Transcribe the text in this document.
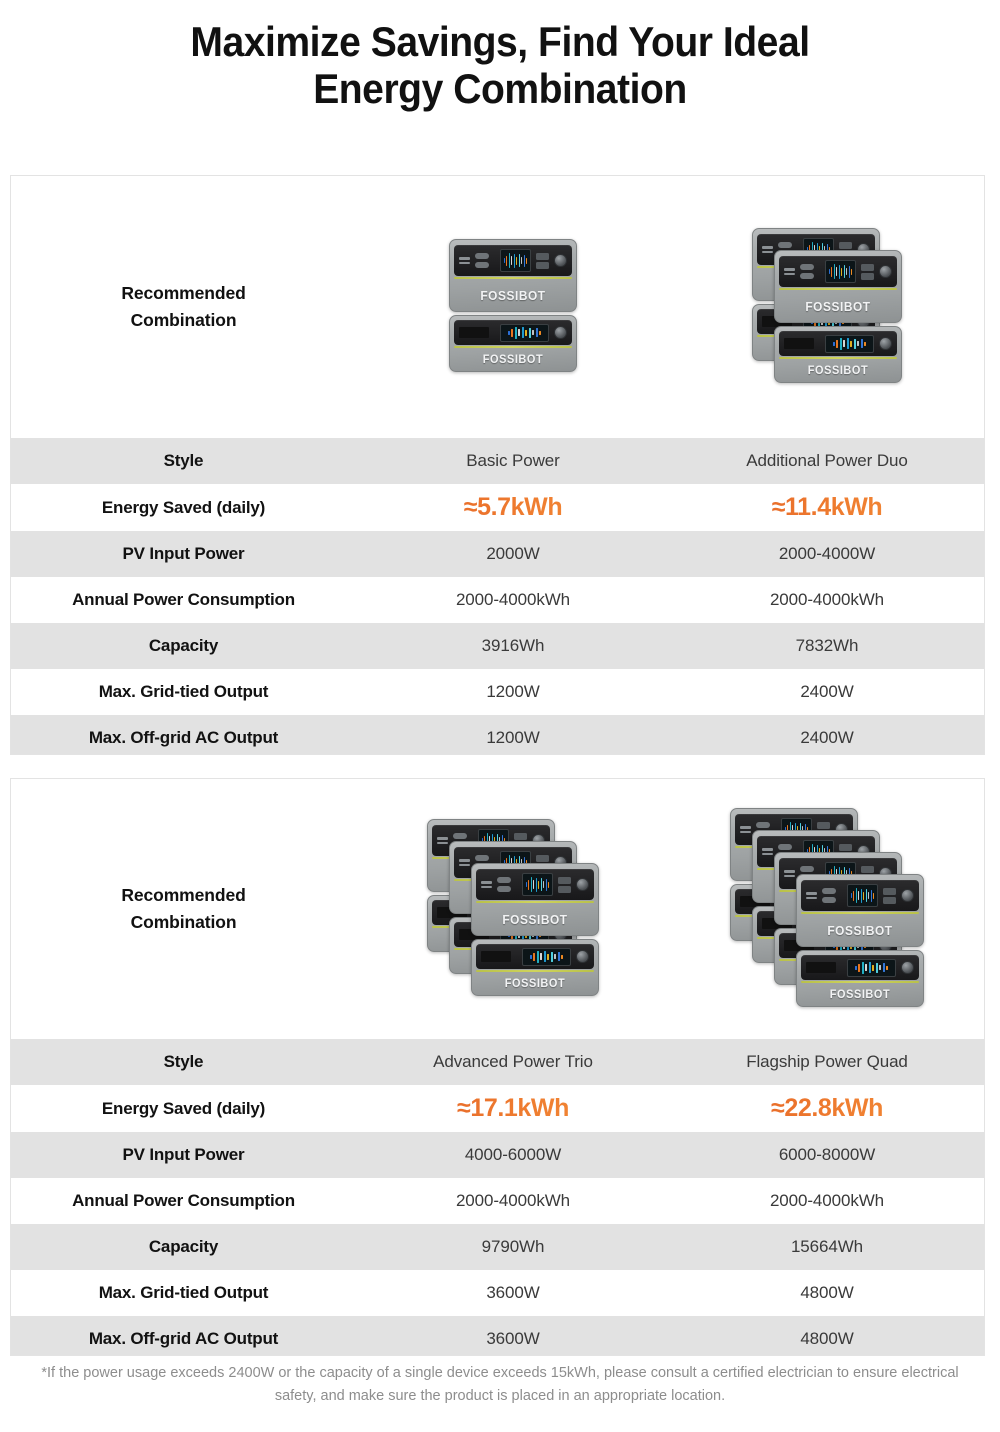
Maximize Savings, Find Your Ideal
Energy Combination
Recommended
Combination
FOSSIBOT
FOSSIBOT
FOSSIBOT
FOSSIBOT
Style	Basic Power	Additional Power Duo
Energy Saved (daily)	≈5.7kWh	≈11.4kWh
PV Input Power	2000W	2000-4000W
Annual Power Consumption	2000-4000kWh	2000-4000kWh
Capacity	3916Wh	7832Wh
Max. Grid-tied Output	1200W	2400W
Max. Off-grid AC Output	1200W	2400W
Recommended
Combination	FOSSIBOT
FOSSIBOT
FOSSIBOT
FOSSIBOT
Style	Advanced Power Trio	Flagship Power Quad
Energy Saved (daily)	≈17.1kWh	≈22.8kWh
PV Input Power	4000-6000W	6000-8000W
Annual Power Consumption	2000-4000kWh	2000-4000kWh
Capacity	9790Wh	15664Wh
Max. Grid-tied Output	3600W	4800W
Max. Off-grid AC Output	3600W	4800W

*If the power usage exceeds 2400W or the capacity of a single device exceeds 15kWh, please consult a certified electrician to ensure electrical safety, and make sure the product is placed in an appropriate location.
